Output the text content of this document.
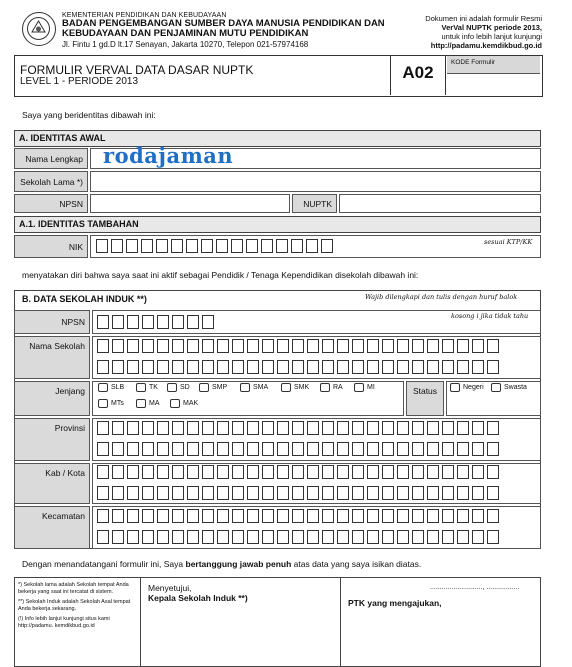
KEMENTERIAN PENDIDIKAN DAN KEBUDAYAAN
BADAN PENGEMBANGAN SUMBER DAYA MANUSIA PENDIDIKAN DAN
KEBUDAYAAN DAN PENJAMINAN MUTU PENDIDIKAN
Jl. Fintu 1 gd.D lt.17 Senayan, Jakarta 10270, Telepon 021-57974168
Dokumen ini adalah formulir Resmi
VerVal NUPTK periode 2013,
untuk info lebih lanjut kunjungi
http://padamu.kemdikbud.go.id
FORMULIR VERVAL DATA DASAR NUPTK
LEVEL 1 - PERIODE 2013	A02
KODE Formulir
Saya yang beridentitas dibawah ini:
A. IDENTITAS AWAL
Nama Lengkap rodajaman
Sekolah Lama *)
NPSN	NUPTK
A.1. IDENTITAS TAMBAHAN
NIK	sesuai KTP/KK
menyatakan diri bahwa saya saat ini aktif sebagai Pendidik / Tenaga Kependidikan disekolah dibawah ini:
B. DATA SEKOLAH INDUK **)	Wajib dilengkapi dan tulis dengan huruf balok
NPSN
kosong i jika tidak tahu
Nama Sekolah
Jenjang	SLB	TK	SD	SMP	SMA	SMK	RA	MI
MTs	MA	MAK
Status	Negeri	Swasta
Provinsi
Kab / Kota
Kecamatan
Dengan menandatangani formulir ini, Saya bertanggung jawab penuh atas data yang saya isikan diatas.
*) Sekolah lama adalah Sekolah tempat Anda bekerja yang saat ini tercatat di sistem.
**) Sekolah Induk adalah Sekolah Asal tempat Anda bekerja sekarang.
(!) Info lebih lanjut kunjungi situs kami http://padamu. kemdikbud.go.id
Menyetujui,
Kepala Sekolah Induk **)
..........................., .................
PTK yang mengajukan,
